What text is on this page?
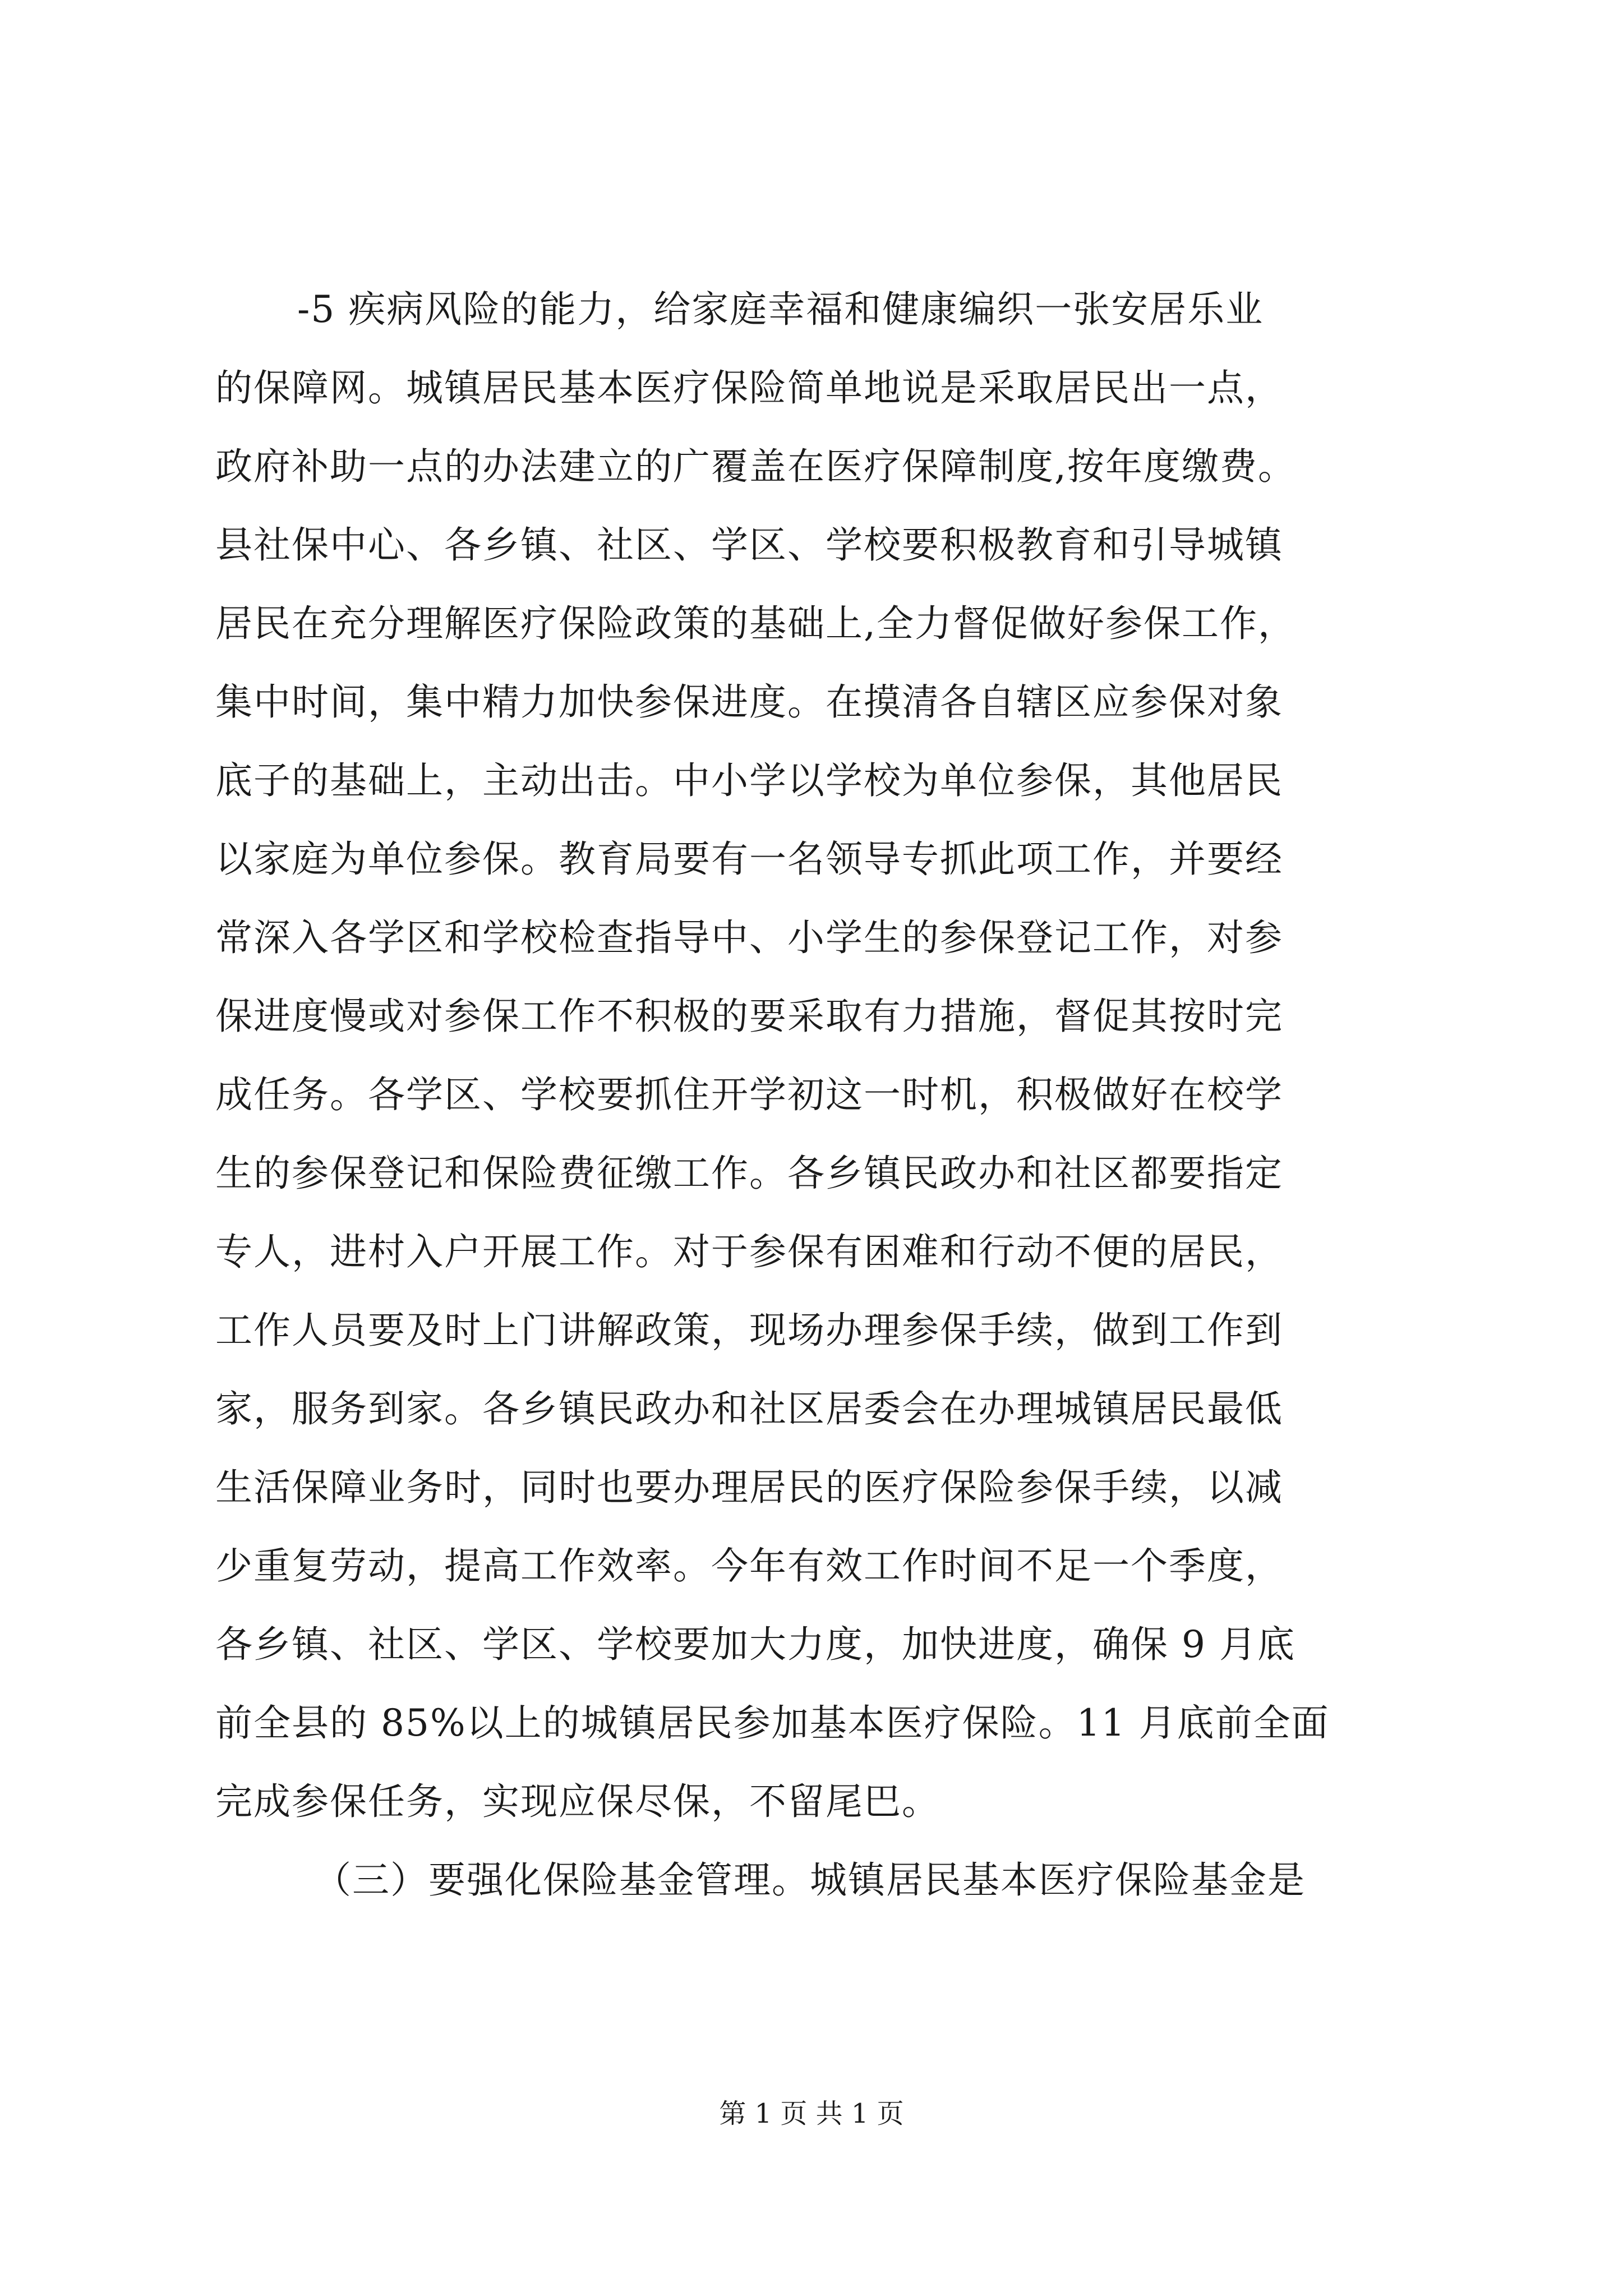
-5 疾病风险的能力，给家庭幸福和健康编织一张安居乐业
的保障网。城镇居民基本医疗保险简单地说是采取居民出一点，
政府补助一点的办法建立的广覆盖在医疗保障制度,按年度缴费。
县社保中心、各乡镇、社区、学区、学校要积极教育和引导城镇
居民在充分理解医疗保险政策的基础上,全力督促做好参保工作，
集中时间，集中精力加快参保进度。在摸清各自辖区应参保对象
底子的基础上，主动出击。中小学以学校为单位参保，其他居民
以家庭为单位参保。教育局要有一名领导专抓此项工作，并要经
常深入各学区和学校检查指导中、小学生的参保登记工作，对参
保进度慢或对参保工作不积极的要采取有力措施，督促其按时完
成任务。各学区、学校要抓住开学初这一时机，积极做好在校学
生的参保登记和保险费征缴工作。各乡镇民政办和社区都要指定
专人，进村入户开展工作。对于参保有困难和行动不便的居民，
工作人员要及时上门讲解政策，现场办理参保手续，做到工作到
家，服务到家。各乡镇民政办和社区居委会在办理城镇居民最低
生活保障业务时，同时也要办理居民的医疗保险参保手续，以减
少重复劳动，提高工作效率。今年有效工作时间不足一个季度，
各乡镇、社区、学区、学校要加大力度，加快进度，确保 9 月底
前全县的 85%以上的城镇居民参加基本医疗保险。11 月底前全面
完成参保任务，实现应保尽保，不留尾巴。
（三）要强化保险基金管理。城镇居民基本医疗保险基金是
第 1 页 共 1 页
